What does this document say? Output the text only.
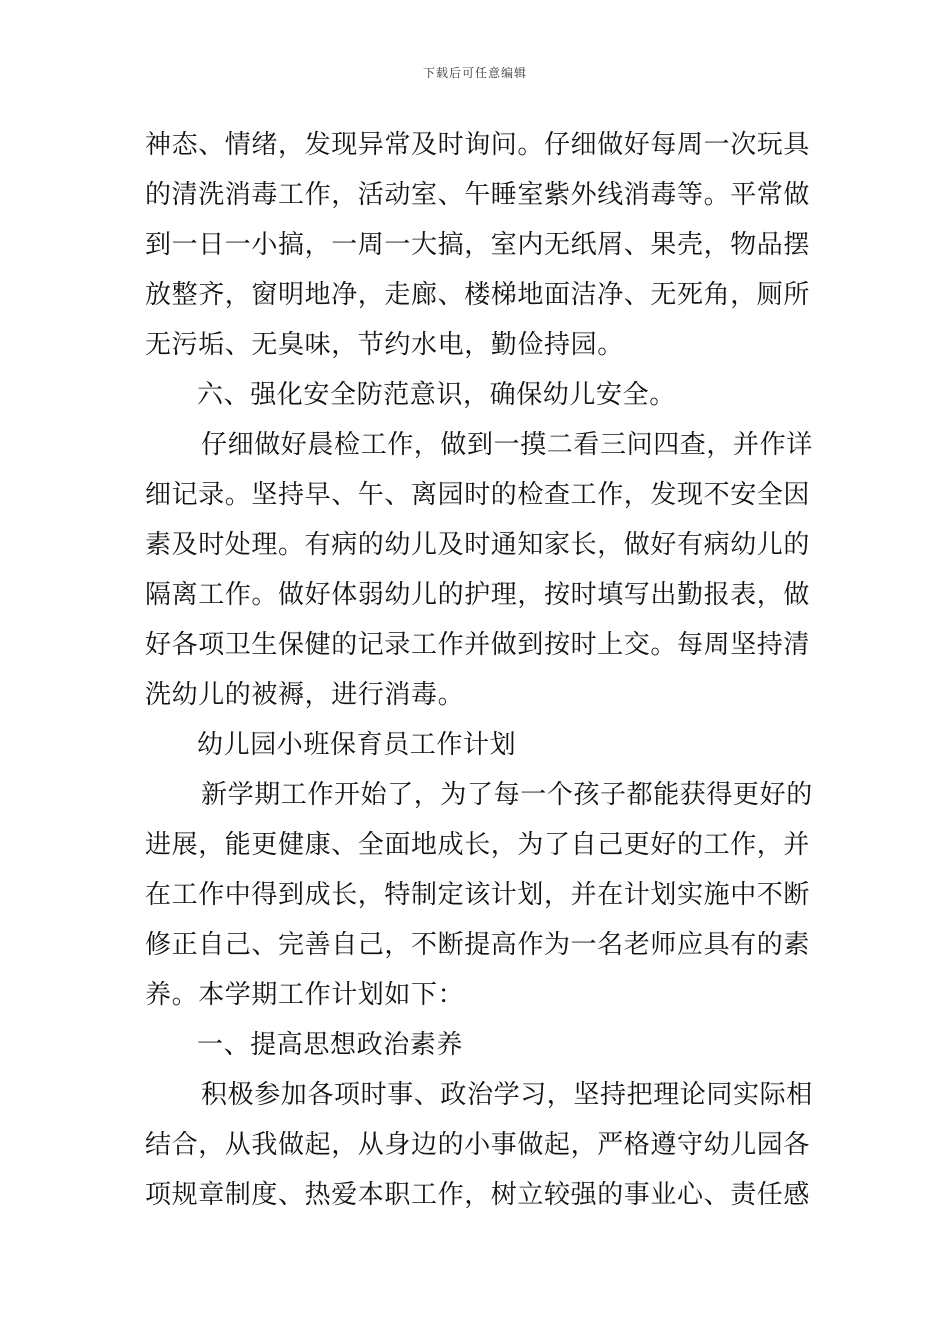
下载后可任意编辑
神态、情绪，发现异常及时询问。仔细做好每周一次玩具
的清洗消毒工作，活动室、午睡室紫外线消毒等。平常做
到一日一小搞，一周一大搞，室内无纸屑、果壳，物品摆
放整齐，窗明地净，走廊、楼梯地面洁净、无死角，厕所
无污垢、无臭味，节约水电，勤俭持园。
六、强化安全防范意识，确保幼儿安全。
仔细做好晨检工作，做到一摸二看三问四查，并作详
细记录。坚持早、午、离园时的检查工作，发现不安全因
素及时处理。有病的幼儿及时通知家长，做好有病幼儿的
隔离工作。做好体弱幼儿的护理，按时填写出勤报表，做
好各项卫生保健的记录工作并做到按时上交。每周坚持清
洗幼儿的被褥，进行消毒。
幼儿园小班保育员工作计划
新学期工作开始了，为了每一个孩子都能获得更好的
进展，能更健康、全面地成长，为了自己更好的工作，并
在工作中得到成长，特制定该计划，并在计划实施中不断
修正自己、完善自己，不断提高作为一名老师应具有的素
养。本学期工作计划如下：
一、提高思想政治素养
积极参加各项时事、政治学习，坚持把理论同实际相
结合，从我做起，从身边的小事做起，严格遵守幼儿园各
项规章制度、热爱本职工作，树立较强的事业心、责任感
